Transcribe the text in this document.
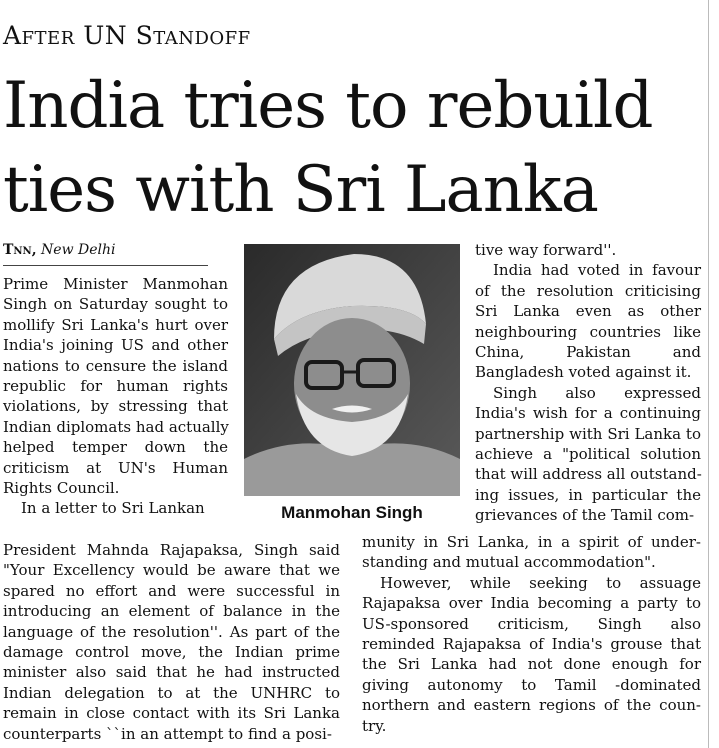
After UN Standoff
India tries to rebuild
ties with Sri Lanka
Tnn, New Delhi
Prime Minister Manmohan
Singh on Saturday sought to
mollify Sri Lanka's hurt over
India's joining US and other
nations to censure the island
republic for human rights
violations, by stressing that
Indian diplomats had actually
helped temper down the
criticism at UN's Human
Rights Council.
In a letter to Sri Lankan
President Mahnda Rajapaksa, Singh said
"Your Excellency would be aware that we
spared no effort and were successful in
introducing an element of balance in the
language of the resolution''. As part of the
damage control move, the Indian prime
minister also said that he had instructed
Indian delegation to at the UNHRC to
remain in close contact with its Sri Lanka
counterparts ``in an attempt to find a posi-
Manmohan Singh
tive way forward''.
India had voted in favour
of the resolution criticising
Sri Lanka even as other
neighbouring countries like
China, Pakistan and
Bangladesh voted against it.
Singh also expressed
India's wish for a continuing
partnership with Sri Lanka to
achieve a "political solution
that will address all outstand-
ing issues, in particular the
grievances of the Tamil com-
munity in Sri Lanka, in a spirit of under-
standing and mutual accommodation".
However, while seeking to assuage
Rajapaksa over India becoming a party to
US-sponsored criticism, Singh also
reminded Rajapaksa of India's grouse that
the Sri Lanka had not done enough for
giving autonomy to Tamil -dominated
northern and eastern regions of the coun-
try.
